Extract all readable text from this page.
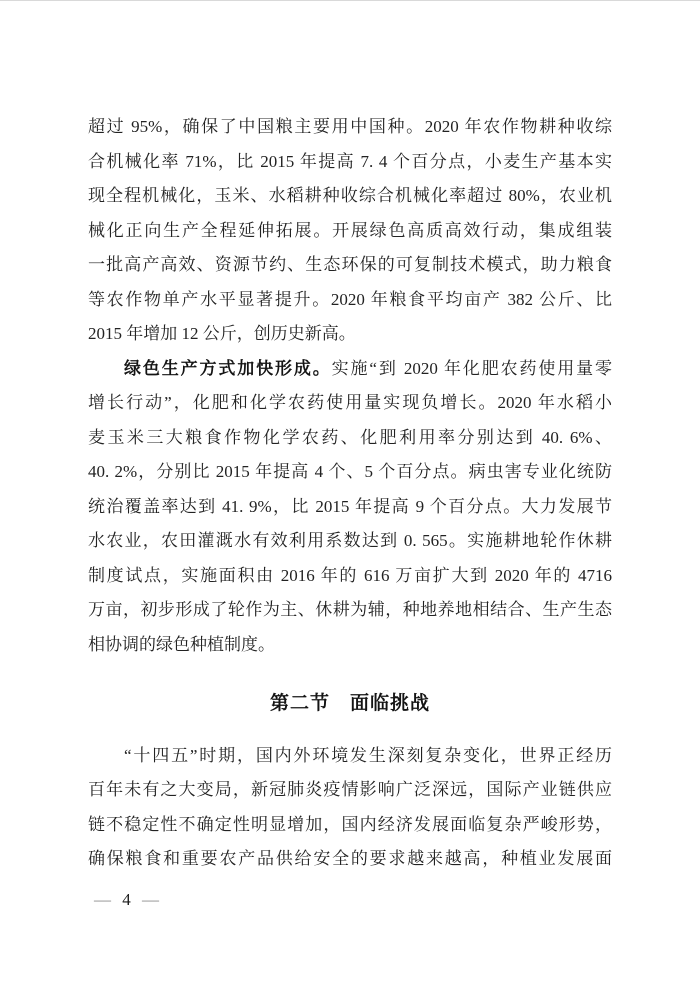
超过 95%，确保了中国粮主要用中国种。2020 年农作物耕种收综
合机械化率 71%，比 2015 年提高 7. 4 个百分点，小麦生产基本实
现全程机械化，玉米、水稻耕种收综合机械化率超过 80%，农业机
械化正向生产全程延伸拓展。开展绿色高质高效行动，集成组装
一批高产高效、资源节约、生态环保的可复制技术模式，助力粮食
等农作物单产水平显著提升。2020 年粮食平均亩产 382 公斤、比
2015 年增加 12 公斤，创历史新高。
绿色生产方式加快形成。实施“到 2020 年化肥农药使用量零
增长行动”，化肥和化学农药使用量实现负增长。2020 年水稻小
麦玉米三大粮食作物化学农药、化肥利用率分别达到 40. 6%、
40. 2%，分别比 2015 年提高 4 个、5 个百分点。病虫害专业化统防
统治覆盖率达到 41. 9%，比 2015 年提高 9 个百分点。大力发展节
水农业，农田灌溉水有效利用系数达到 0. 565。实施耕地轮作休耕
制度试点，实施面积由 2016 年的 616 万亩扩大到 2020 年的 4716
万亩，初步形成了轮作为主、休耕为辅，种地养地相结合、生产生态
相协调的绿色种植制度。
第二节　面临挑战
“十四五”时期，国内外环境发生深刻复杂变化，世界正经历
百年未有之大变局，新冠肺炎疫情影响广泛深远，国际产业链供应
链不稳定性不确定性明显增加，国内经济发展面临复杂严峻形势，
确保粮食和重要农产品供给安全的要求越来越高，种植业发展面
— 4 —
